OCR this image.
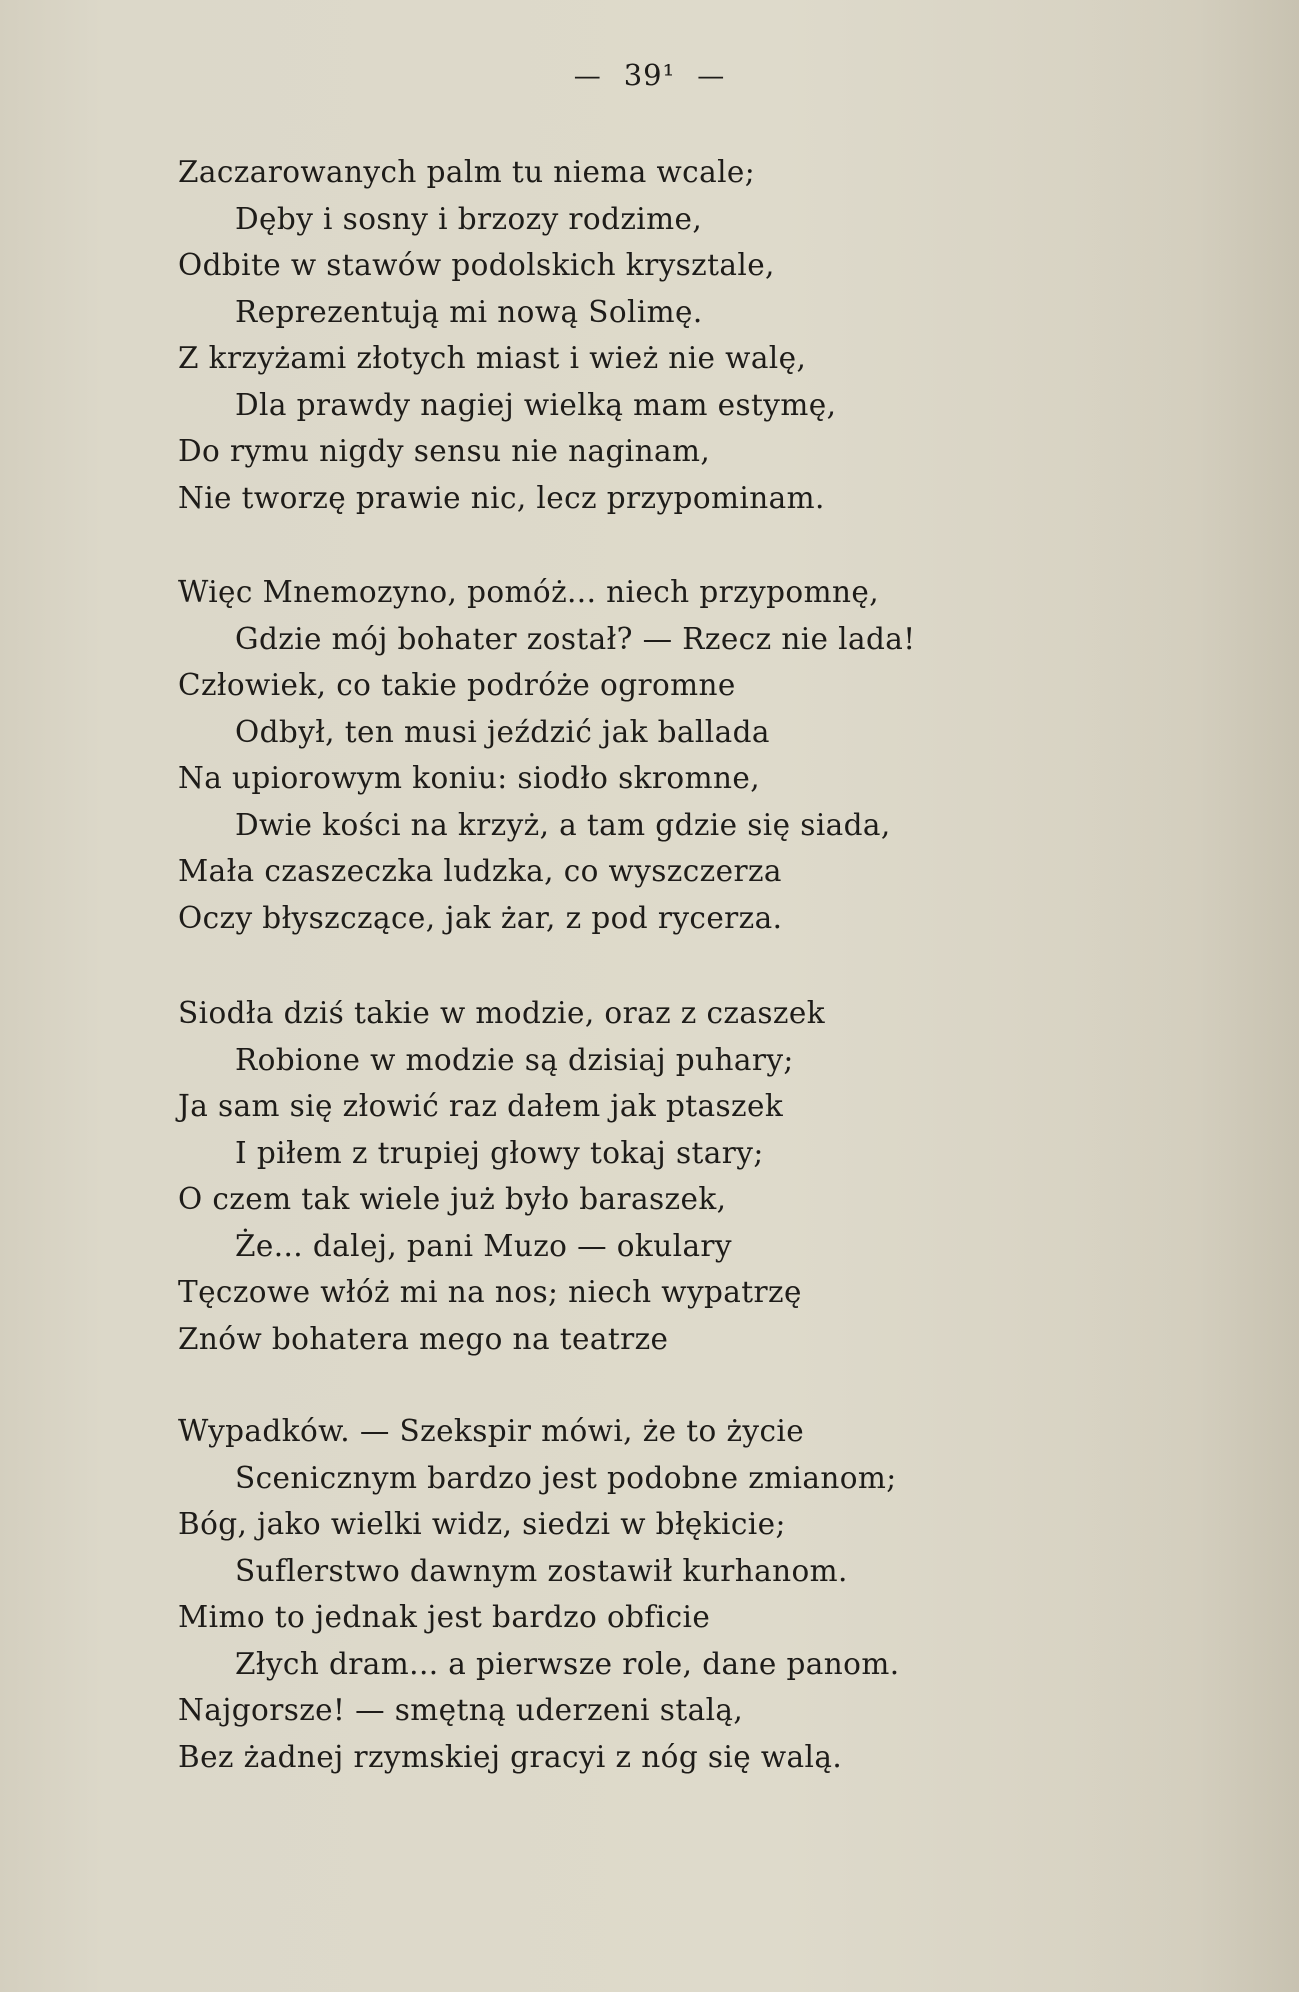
— 39¹ —
Zaczarowanych palm tu niema wcale;
Dęby i sosny i brzozy rodzime,
Odbite w stawów podolskich krysztale,
Reprezentują mi nową Solimę.
Z krzyżami złotych miast i wież nie walę,
Dla prawdy nagiej wielką mam estymę,
Do rymu nigdy sensu nie naginam,
Nie tworzę prawie nic, lecz przypominam.
Więc Mnemozyno, pomóż... niech przypomnę,
Gdzie mój bohater został? — Rzecz nie lada!
Człowiek, co takie podróże ogromne
Odbył, ten musi jeździć jak ballada
Na upiorowym koniu: siodło skromne,
Dwie kości na krzyż, a tam gdzie się siada,
Mała czaszeczka ludzka, co wyszczerza
Oczy błyszczące, jak żar, z pod rycerza.
Siodła dziś takie w modzie, oraz z czaszek
Robione w modzie są dzisiaj puhary;
Ja sam się złowić raz dałem jak ptaszek
I piłem z trupiej głowy tokaj stary;
O czem tak wiele już było baraszek,
Że... dalej, pani Muzo — okulary
Tęczowe włóż mi na nos; niech wypatrzę
Znów bohatera mego na teatrze
Wypadków. — Szekspir mówi, że to życie
Scenicznym bardzo jest podobne zmianom;
Bóg, jako wielki widz, siedzi w błękicie;
Suflerstwo dawnym zostawił kurhanom.
Mimo to jednak jest bardzo obficie
Złych dram... a pierwsze role, dane panom.
Najgorsze! — smętną uderzeni stalą,
Bez żadnej rzymskiej gracyi z nóg się walą.
